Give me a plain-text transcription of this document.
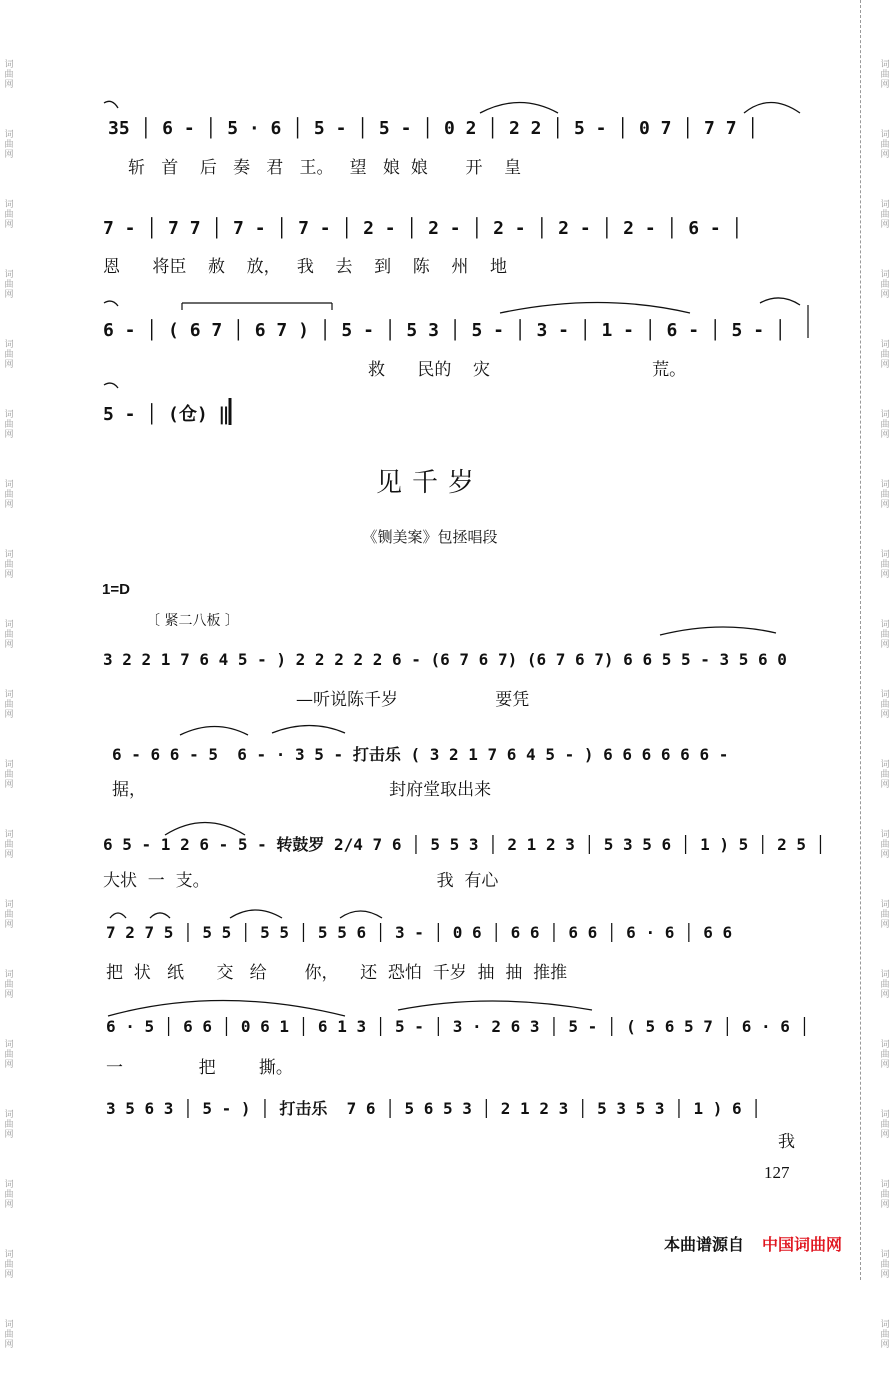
词
曲
网
词
曲
网
词
曲
网
词
曲
网
词
曲
网
词
曲
网
词
曲
网
词
曲
网
词
曲
网
词
曲
网
词
曲
网
词
曲
网
词
曲
网
词
曲
网
词
曲
网
词
曲
网
词
曲
网
词
曲
网
词
曲
网
词
曲
网
词
曲
网
词
曲
网
词
曲
网
词
曲
网
词
曲
网
词
曲
网
词
曲
网
词
曲
网
词
曲
网
词
曲
网
词
曲
网
词
曲
网
词
曲
网
词
曲
网
词
曲
网
词
曲
网
词
曲
网
词
曲
网
35 │ 6 - │ 5 · 6 │ 5 - │ 5 - │ 0 2 │ 2 2 │ 5 - │ 0 7 │ 7 7 │
斩   首    后   奏   君   王。   望   娘  娘       开    皇
7 - │ 7 7 │ 7 - │ 7 - │ 2 - │ 2 - │ 2 - │ 2 - │ 2 - │ 6 - │
恩      将臣    赦    放，   我    去    到    陈    州    地
6 - │ ( 6 7 │ 6 7 ) │ 5 - │ 5 3 │ 5 - │ 3 - │ 1 - │ 6 - │ 5 - │
救      民的    灾                              荒。
5 - │ (仓) ‖
见千岁
《铡美案》包拯唱段
1=D
〔 紧二八板 〕
3 2 2 1 7 6 4 5 - ) 2 2 2 2 2 6 - (6 7 6 7) (6 7 6 7) 6 6 5 5 - 3 5 6 0
—听说陈千岁                  要凭
6 - 6 6 - 5  6 - · 3 5 - 打击乐 ( 3 2 1 7 6 4 5 - ) 6 6 6 6 6 6 -
据，                                             封府堂取出来
6 5 - 1 2 6 - 5 - 转鼓罗 2/4 7 6 │ 5 5 3 │ 2 1 2 3 │ 5 3 5 6 │ 1 ) 5 │ 2 5 │
大状  一  支。                                          我  有心
7 2 7 5 │ 5 5 │ 5 5 │ 5 5 6 │ 3 - │ 0 6 │ 6 6 │ 6 6 │ 6 · 6 │ 6 6
把  状   纸      交   给       你，    还  恐怕  千岁  抽  抽  推推
6 · 5 │ 6 6 │ 0 6 1 │ 6 1 3 │ 5 - │ 3 · 2 6 3 │ 5 - │ ( 5 6 5 7 │ 6 · 6 │
一              把        撕。
3 5 6 3 │ 5 - ) │ 打击乐  7 6 │ 5 6 5 3 │ 2 1 2 3 │ 5 3 5 3 │ 1 ) 6 │
我
127
本曲谱源自 中国词曲网
